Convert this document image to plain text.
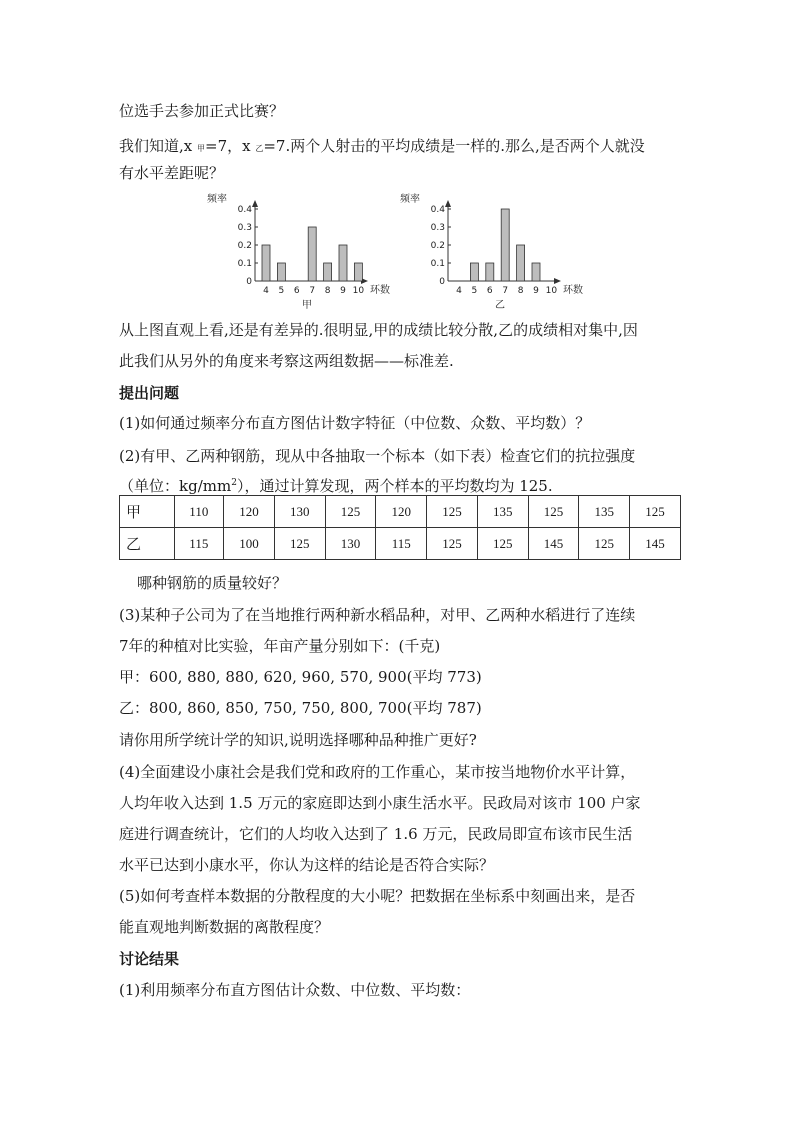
位选手去参加正式比赛？
我们知道,x 甲=7，x 乙=7.两个人射击的平均成绩是一样的.那么,是否两个人就没
有水平差距呢？
频率
0.4
0.3
0.2
0.1
0
4 5 6 7 8 9 10 环数
甲
频率
0.4
0.3
0.2
0.1
0
4 5 6 7 8 9 10 环数
乙
从上图直观上看,还是有差异的.很明显,甲的成绩比较分散,乙的成绩相对集中,因
此我们从另外的角度来考察这两组数据——标准差.
提出问题
(1)如何通过频率分布直方图估计数字特征（中位数、众数、平均数）？
(2)有甲、乙两种钢筋，现从中各抽取一个标本（如下表）检查它们的抗拉强度
（单位：$kg/mm^2$），通过计算发现，两个样本的平均数均为 125.
甲	110	120	130	125	120	125	135	125	135	125
乙	115	100	125	130	115	125	125	145	125	145
哪种钢筋的质量较好？
(3)某种子公司为了在当地推行两种新水稻品种，对甲、乙两种水稻进行了连续
7年的种植对比实验，年亩产量分别如下：(千克)
甲：600, 880, 880, 620, 960, 570, 900(平均 773)
乙：800, 860, 850, 750, 750, 800, 700(平均 787)
请你用所学统计学的知识,说明选择哪种品种推广更好?
(4)全面建设小康社会是我们党和政府的工作重心，某市按当地物价水平计算，
人均年收入达到 1.5 万元的家庭即达到小康生活水平。民政局对该市 100 户家
庭进行调查统计，它们的人均收入达到了 1.6 万元，民政局即宣布该市民生活
水平已达到小康水平，你认为这样的结论是否符合实际？
(5)如何考查样本数据的分散程度的大小呢？把数据在坐标系中刻画出来，是否
能直观地判断数据的离散程度？
讨论结果
(1)利用频率分布直方图估计众数、中位数、平均数：
